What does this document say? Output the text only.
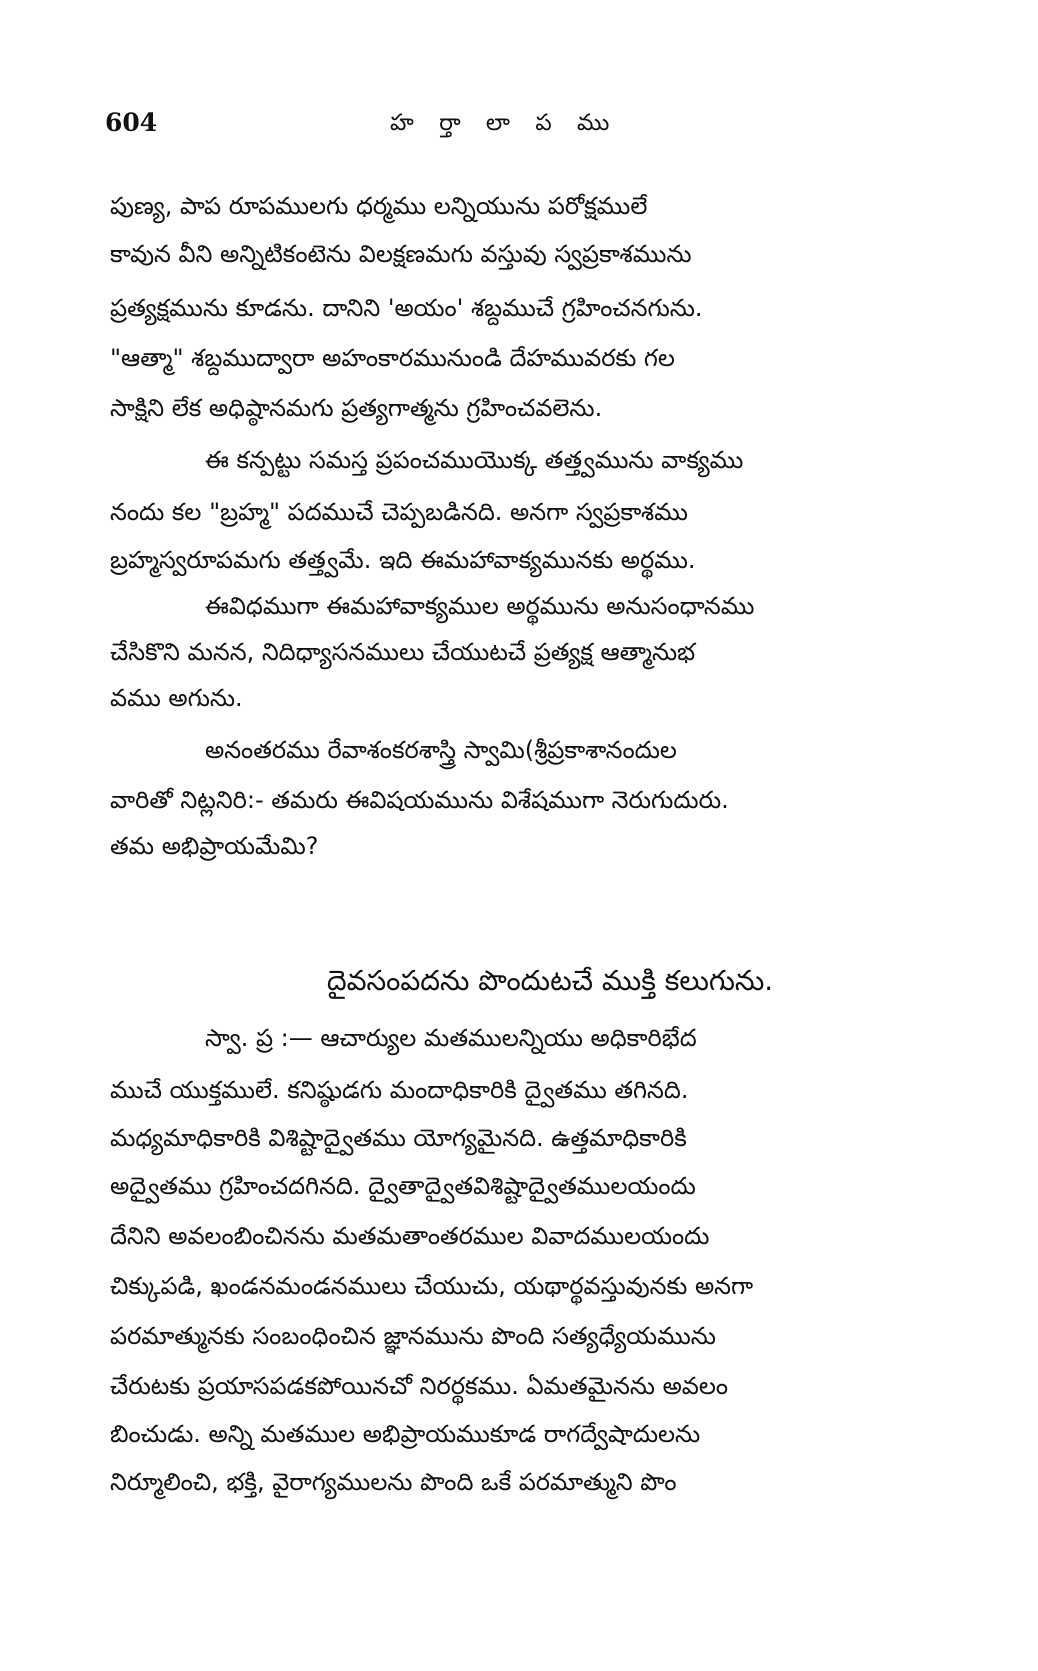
604	హ ర్తా లా ప ము
పుణ్య, పాప రూపములగు ధర్మము లన్నియును పరోక్షములే
కావున వీని అన్నిటికంటెను విలక్షణమగు వస్తువు స్వప్రకాశమును
ప్రత్యక్షమును కూడను. దానిని 'అయం' శబ్దముచే గ్రహించనగును.
"ఆత్మా" శబ్దముద్వారా అహంకారమునుండి దేహమువరకు గల
సాక్షిని లేక అధిష్ఠానమగు ప్రత్యగాత్మను గ్రహించవలెను.
ఈ కన్పట్టు సమస్త ప్రపంచముయొక్క తత్త్వమును వాక్యము
నందు కల "బ్రహ్మ" పదముచే చెప్పబడినది. అనగా స్వప్రకాశము
బ్రహ్మస్వరూపమగు తత్త్వమే. ఇది ఈమహావాక్యమునకు అర్థము.
ఈవిధముగా ఈమహావాక్యముల అర్థమును అనుసంధానము
చేసికొని మనన, నిదిధ్యాసనములు చేయుటచే ప్రత్యక్ష ఆత్మానుభ
వము అగును.
అనంతరము రేవాశంకరశాస్త్రి స్వామి(శ్రీప్రకాశానందుల
వారితో నిట్లనిరి:- తమరు ఈవిషయమును విశేషముగా నెరుగుదురు.
తమ అభిప్రాయమేమి?
దైవసంపదను పొందుటచే ముక్తి కలుగును.
స్వా. ప్ర :— ఆచార్యుల మతములన్నియు అధికారిభేద
ముచే యుక్తములే. కనిష్ఠుడగు మందాధికారికి ద్వైతము తగినది.
మధ్యమాధికారికి విశిష్టాద్వైతము యోగ్యమైనది. ఉత్తమాధికారికి
అద్వైతము గ్రహించదగినది. ద్వైతాద్వైతవిశిష్టాద్వైతములయందు
దేనిని అవలంబించినను మతమతాంతరముల వివాదములయందు
చిక్కుపడి, ఖండనమండనములు చేయుచు, యథార్థవస్తువునకు అనగా
పరమాత్మునకు సంబంధించిన జ్ఞానమును పొంది సత్యధ్యేయమును
చేరుటకు ప్రయాసపడకపోయినచో నిరర్థకము. ఏమతమైనను అవలం
బించుడు. అన్ని మతముల అభిప్రాయముకూడ రాగద్వేషాదులను
నిర్మూలించి, భక్తి, వైరాగ్యములను పొంది ఒకే పరమాత్ముని పొం
